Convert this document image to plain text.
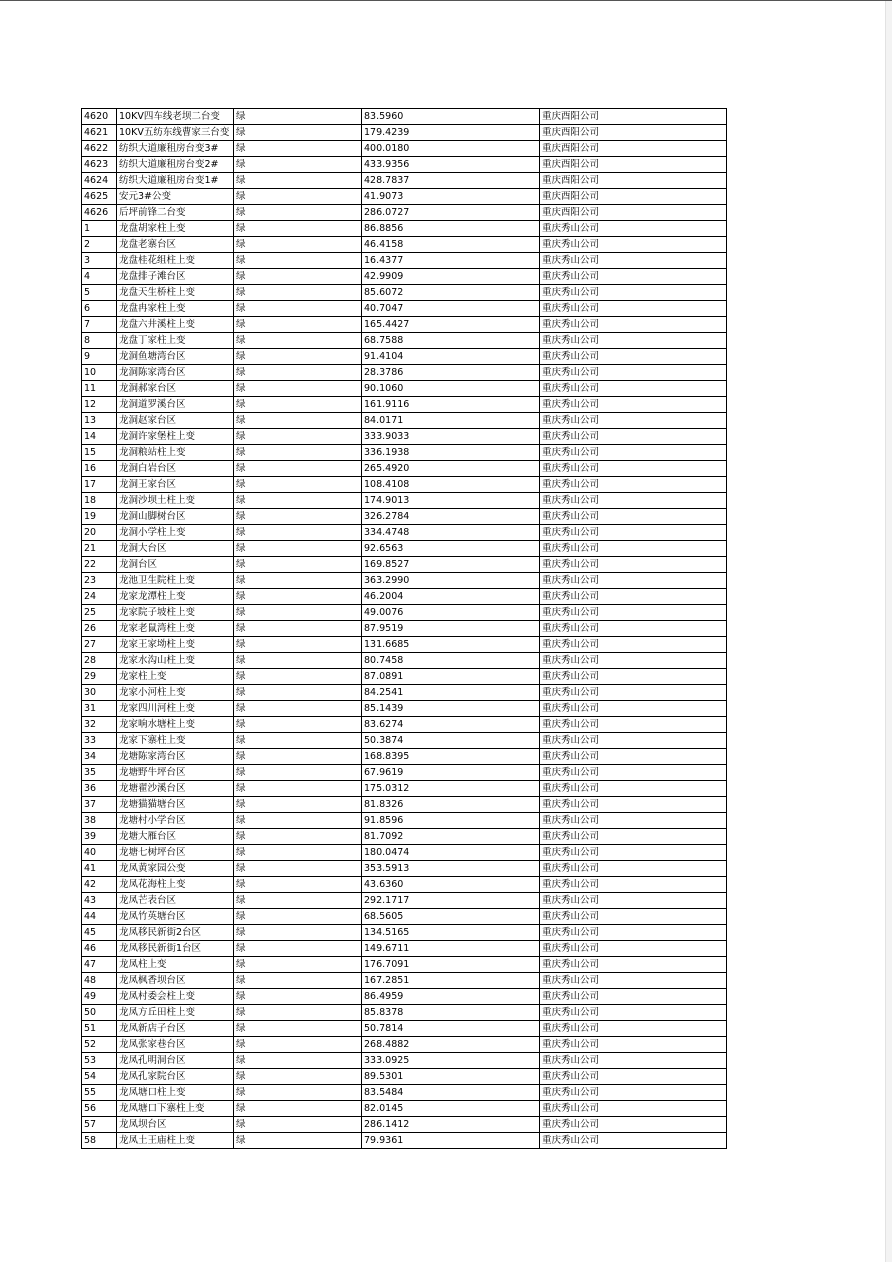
4620	10KV四车线老坝二台变	绿	83.5960	重庆酉阳公司
4621	10KV五纺东线曹家三台变	绿	179.4239	重庆酉阳公司
4622	纺织大道廉租房台变3#	绿	400.0180	重庆酉阳公司
4623	纺织大道廉租房台变2#	绿	433.9356	重庆酉阳公司
4624	纺织大道廉租房台变1#	绿	428.7837	重庆酉阳公司
4625	安元3#公变	绿	41.9073	重庆酉阳公司
4626	后坪前锋二台变	绿	286.0727	重庆酉阳公司
1	龙盘胡家柱上变	绿	86.8856	重庆秀山公司
2	龙盘老寨台区	绿	46.4158	重庆秀山公司
3	龙盘桂花组柱上变	绿	16.4377	重庆秀山公司
4	龙盘排子滩台区	绿	42.9909	重庆秀山公司
5	龙盘天生桥柱上变	绿	85.6072	重庆秀山公司
6	龙盘冉家柱上变	绿	40.7047	重庆秀山公司
7	龙盘六井溪柱上变	绿	165.4427	重庆秀山公司
8	龙盘丁家柱上变	绿	68.7588	重庆秀山公司
9	龙洞鱼塘湾台区	绿	91.4104	重庆秀山公司
10	龙洞陈家湾台区	绿	28.3786	重庆秀山公司
11	龙洞郝家台区	绿	90.1060	重庆秀山公司
12	龙洞道罗溪台区	绿	161.9116	重庆秀山公司
13	龙洞赵家台区	绿	84.0171	重庆秀山公司
14	龙洞许家堡柱上变	绿	333.9033	重庆秀山公司
15	龙洞粮站柱上变	绿	336.1938	重庆秀山公司
16	龙洞白岩台区	绿	265.4920	重庆秀山公司
17	龙洞王家台区	绿	108.4108	重庆秀山公司
18	龙洞沙坝土柱上变	绿	174.9013	重庆秀山公司
19	龙洞山脚树台区	绿	326.2784	重庆秀山公司
20	龙洞小学柱上变	绿	334.4748	重庆秀山公司
21	龙洞大台区	绿	92.6563	重庆秀山公司
22	龙洞台区	绿	169.8527	重庆秀山公司
23	龙池卫生院柱上变	绿	363.2990	重庆秀山公司
24	龙家龙潭柱上变	绿	46.2004	重庆秀山公司
25	龙家院子坡柱上变	绿	49.0076	重庆秀山公司
26	龙家老鼠湾柱上变	绿	87.9519	重庆秀山公司
27	龙家王家坳柱上变	绿	131.6685	重庆秀山公司
28	龙家水沟山柱上变	绿	80.7458	重庆秀山公司
29	龙家柱上变	绿	87.0891	重庆秀山公司
30	龙家小河柱上变	绿	84.2541	重庆秀山公司
31	龙家四川河柱上变	绿	85.1439	重庆秀山公司
32	龙家响水塘柱上变	绿	83.6274	重庆秀山公司
33	龙家下寨柱上变	绿	50.3874	重庆秀山公司
34	龙塘陈家湾台区	绿	168.8395	重庆秀山公司
35	龙塘野牛坪台区	绿	67.9619	重庆秀山公司
36	龙塘翟沙溪台区	绿	175.0312	重庆秀山公司
37	龙塘猫猫塘台区	绿	81.8326	重庆秀山公司
38	龙塘村小学台区	绿	91.8596	重庆秀山公司
39	龙塘大雁台区	绿	81.7092	重庆秀山公司
40	龙塘七树坪台区	绿	180.0474	重庆秀山公司
41	龙凤黄家园公变	绿	353.5913	重庆秀山公司
42	龙凤花海柱上变	绿	43.6360	重庆秀山公司
43	龙凤芒表台区	绿	292.1717	重庆秀山公司
44	龙凤竹英塘台区	绿	68.5605	重庆秀山公司
45	龙凤移民新街2台区	绿	134.5165	重庆秀山公司
46	龙凤移民新街1台区	绿	149.6711	重庆秀山公司
47	龙凤柱上变	绿	176.7091	重庆秀山公司
48	龙凤枫香坝台区	绿	167.2851	重庆秀山公司
49	龙凤村委会柱上变	绿	86.4959	重庆秀山公司
50	龙凤方丘田柱上变	绿	85.8378	重庆秀山公司
51	龙凤新店子台区	绿	50.7814	重庆秀山公司
52	龙凤张家巷台区	绿	268.4882	重庆秀山公司
53	龙凤孔明洞台区	绿	333.0925	重庆秀山公司
54	龙凤孔家院台区	绿	89.5301	重庆秀山公司
55	龙凤塘口柱上变	绿	83.5484	重庆秀山公司
56	龙凤塘口下寨柱上变	绿	82.0145	重庆秀山公司
57	龙凤坝台区	绿	286.1412	重庆秀山公司
58	龙凤土王庙柱上变	绿	79.9361	重庆秀山公司
